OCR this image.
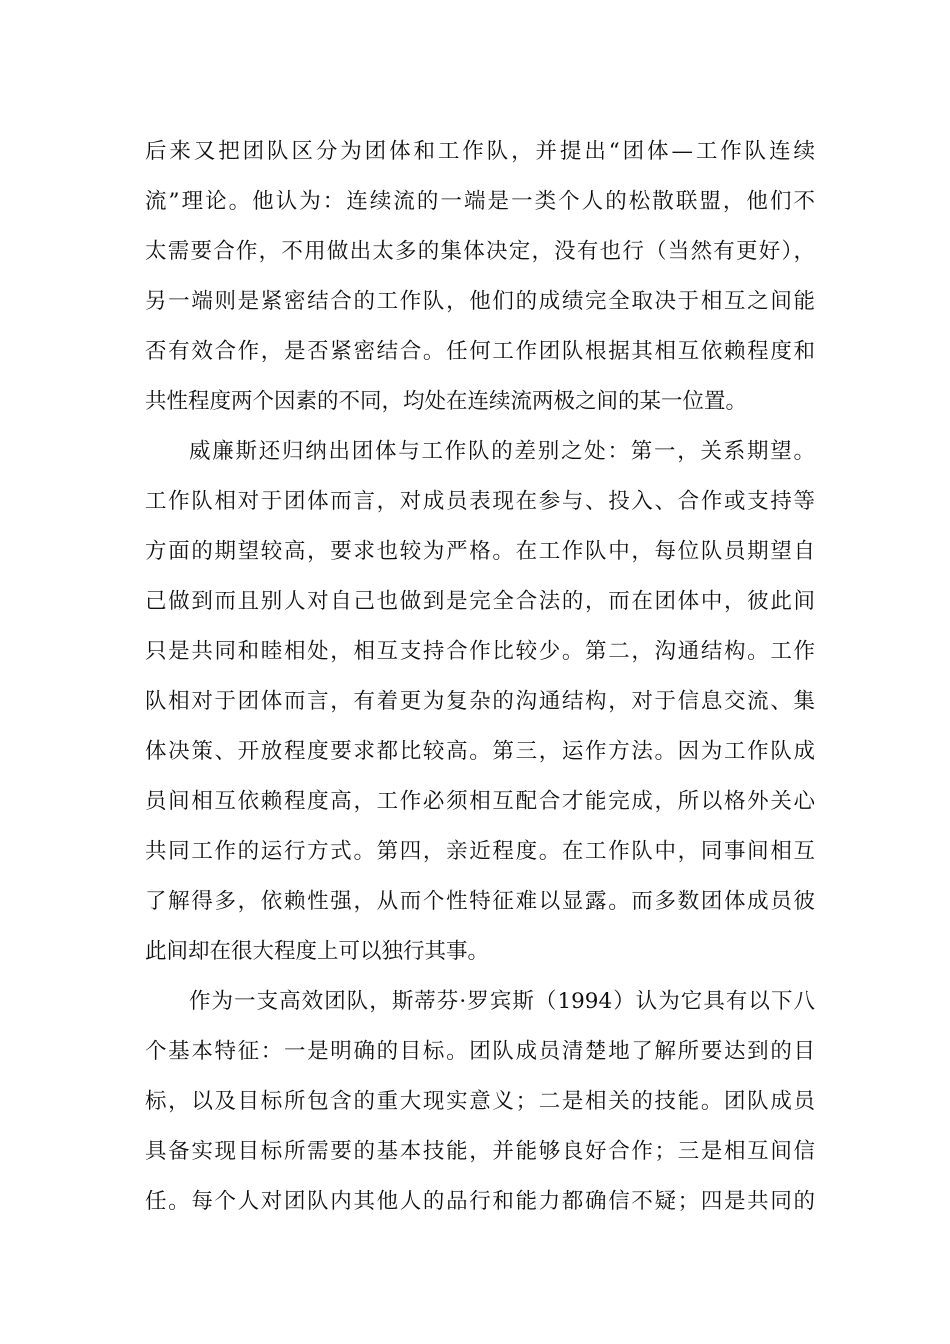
后来又把团队区分为团体和工作队，并提出“团体—工作队连续
流”理论。他认为：连续流的一端是一类个人的松散联盟，他们不
太需要合作，不用做出太多的集体决定，没有也行（当然有更好），
另一端则是紧密结合的工作队，他们的成绩完全取决于相互之间能
否有效合作，是否紧密结合。任何工作团队根据其相互依赖程度和
共性程度两个因素的不同，均处在连续流两极之间的某一位置。
威廉斯还归纳出团体与工作队的差别之处：第一，关系期望。
工作队相对于团体而言，对成员表现在参与、投入、合作或支持等
方面的期望较高，要求也较为严格。在工作队中，每位队员期望自
己做到而且别人对自己也做到是完全合法的，而在团体中，彼此间
只是共同和睦相处，相互支持合作比较少。第二，沟通结构。工作
队相对于团体而言，有着更为复杂的沟通结构，对于信息交流、集
体决策、开放程度要求都比较高。第三，运作方法。因为工作队成
员间相互依赖程度高，工作必须相互配合才能完成，所以格外关心
共同工作的运行方式。第四，亲近程度。在工作队中，同事间相互
了解得多，依赖性强，从而个性特征难以显露。而多数团体成员彼
此间却在很大程度上可以独行其事。
作为一支高效团队，斯蒂芬·罗宾斯（1994）认为它具有以下八
个基本特征：一是明确的目标。团队成员清楚地了解所要达到的目
标，以及目标所包含的重大现实意义；二是相关的技能。团队成员
具备实现目标所需要的基本技能，并能够良好合作；三是相互间信
任。每个人对团队内其他人的品行和能力都确信不疑；四是共同的
